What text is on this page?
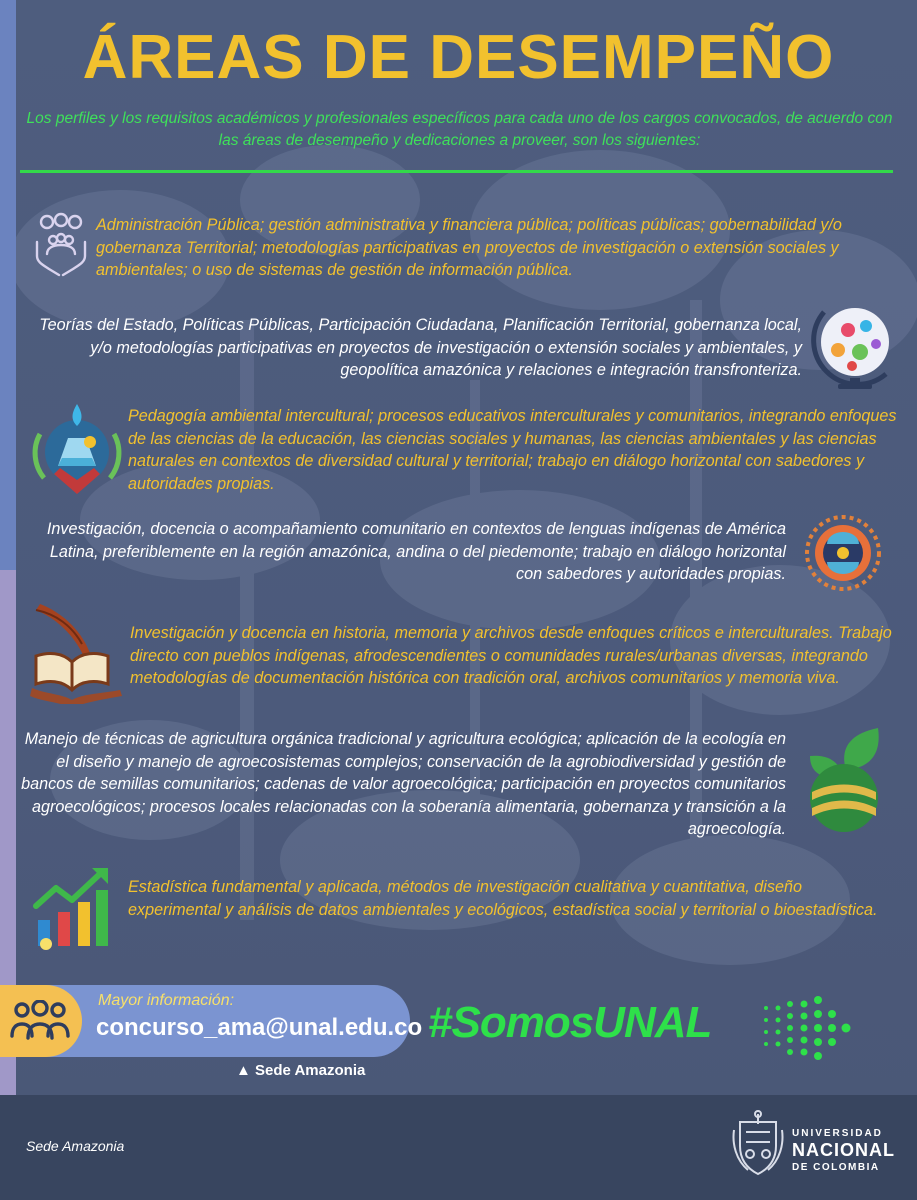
ÁREAS DE DESEMPEÑO

Los perfiles y los requisitos académicos y profesionales específicos para cada uno de los cargos convocados, de acuerdo con las áreas de desempeño y dedicaciones a proveer, son los siguientes:

Administración Pública; gestión administrativa y financiera pública; políticas públicas; gobernabilidad y/o gobernanza Territorial; metodologías participativas en proyectos de investigación o extensión sociales y ambientales; o uso de sistemas de gestión de información pública.

Teorías del Estado, Políticas Públicas, Participación Ciudadana, Planificación Territorial, gobernanza local, y/o metodologías participativas en proyectos de investigación o extensión sociales y ambientales, y geopolítica amazónica y relaciones e integración transfronteriza.

Pedagogía ambiental intercultural; procesos educativos interculturales y comunitarios, integrando enfoques de las ciencias de la educación, las ciencias sociales y humanas, las ciencias ambientales y las ciencias naturales en contextos de diversidad cultural y territorial; trabajo en diálogo horizontal con sabedores y autoridades propias.

Investigación, docencia o acompañamiento comunitario en contextos de lenguas indígenas de América Latina, preferiblemente en la región amazónica, andina o del piedemonte; trabajo en diálogo horizontal con sabedores y autoridades propias.

Investigación y docencia en historia, memoria y archivos desde enfoques críticos e interculturales. Trabajo directo con pueblos indígenas, afrodescendientes o comunidades rurales/urbanas diversas, integrando metodologías de documentación histórica con tradición oral, archivos comunitarios y memoria viva.

Manejo de técnicas de agricultura orgánica tradicional y agricultura ecológica; aplicación de la ecología en el diseño y manejo de agroecosistemas complejos; conservación de la agrobiodiversidad y gestión de bancos de semillas comunitarios; cadenas de valor agroecológica; participación en proyectos comunitarios agroecológicos; procesos locales relacionadas con la soberanía alimentaria, gobernanza y transición a la agroecología.

Estadística fundamental y aplicada, métodos de investigación cualitativa y cuantitativa, diseño experimental y análisis de datos ambientales y ecológicos, estadística social y territorial o bioestadística.

Mayor información:

concurso_ama@unal.edu.co

▲ Sede Amazonia

#SomosUNAL

Sede Amazonia

UNIVERSIDAD

NACIONAL

DE COLOMBIA
